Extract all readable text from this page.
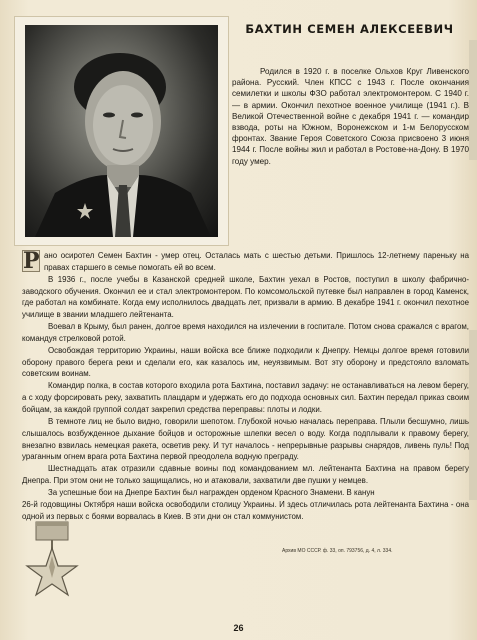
БАХТИН СЕМЕН АЛЕКСЕЕВИЧ
Родился в 1920 г. в поселке Ольхов Круг Ливенского района. Русский. Член КПСС с 1943 г. После окончания семилетки и школы ФЗО работал электромонтером. С 1940 г. — в армии. Окончил пехотное военное училище (1941 г.). В Великой Отечественной войне с декабря 1941 г. — командир взвода, роты на Южном, Воронежском и 1-м Белорусском фронтах. Звание Героя Советского Союза присвоено 3 июня 1944 г. После войны жил и работал в Ростове-на-Дону. В 1970 году умер.

Р ано осиротел Семен Бахтин - умер отец. Осталась мать с шестью детьми. Пришлось 12-летнему пареньку на правах старшего в семье помогать ей во всем.

В 1936 г., после учебы в Казанской средней школе, Бахтин уехал в Ростов, поступил в школу фабрично-заводского обучения. Окончил ее и стал электромонтером. По комсомольской путевке был направлен в город Каменск, где работал на комбинате. Когда ему исполнилось двадцать лет, призвали в армию. В декабре 1941 г. окончил пехотное училище в звании младшего лейтенанта.

Воевал в Крыму, был ранен, долгое время находился на излечении в госпитале. Потом снова сражался с врагом, командуя стрелковой ротой.

Освобождая территорию Украины, наши войска все ближе подходили к Днепру. Немцы долгое время готовили оборону правого берега реки и сделали его, как казалось им, неуязвимым. Вот эту оборону и предстояло взломать советским воинам.

Командир полка, в состав которого входила рота Бахтина, поставил задачу: не останавливаться на левом берегу, а с ходу форсировать реку, захватить плацдарм и удержать его до подхода основных сил. Бахтин передал приказ своим бойцам, за каждой группой солдат закрепил средства переправы: плоты и лодки.

В темноте лиц не было видно, говорили шепотом. Глубокой ночью началась переправа. Плыли бесшумно, лишь слышалось возбужденное дыхание бойцов и осторожные шлепки весел о воду. Когда подплывали к правому берегу, внезапно взвилась немецкая ракета, осветив реку. И тут началось - непрерывные разрывы снарядов, ливень пуль! Под ураганным огнем врага рота Бахтина первой преодолела водную преграду.

Шестнадцать атак отразили сдавные воины под командованием мл. лейтенанта Бахтина на правом берегу Днепра. При этом они не только защищались, но и атаковали, захватили две пушки у немцев.

За успешные бои на Днепре Бахтин был награжден орденом Красного Знамени. В канун

26-й годовщины Октября наши войска освободили столицу Украины. И здесь отличилась рота лейтенанта Бахтина - она одной из первых с боями ворвалась в Киев. В эти дни он стал коммунистом.

Архив МО СССР. ф. 33, оп. 793756, д. 4, л. 334.
26
